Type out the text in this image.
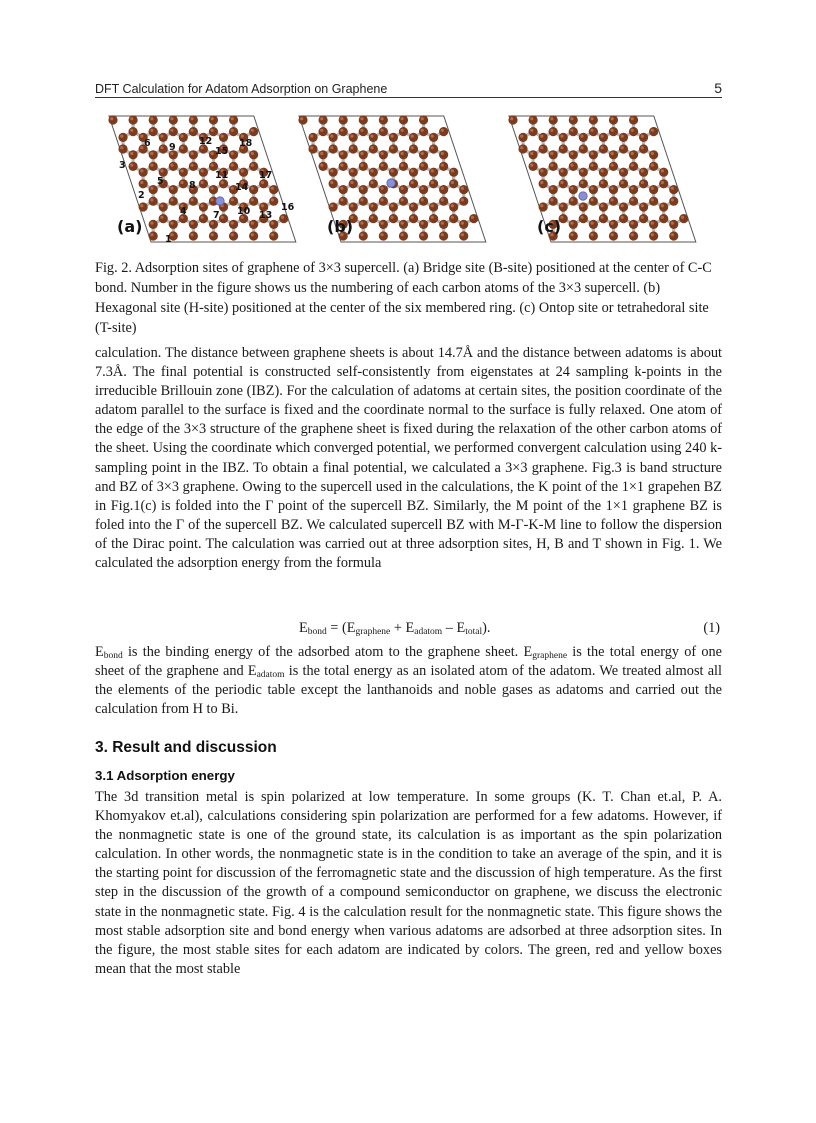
DFT Calculation for Adatom Adsorption on Graphene	5
(a)	(b)	(c)
1
2
3
4
5
6
7
8
9
10
11
12
13
14
15
16
17
18
Fig. 2. Adsorption sites of graphene of 3×3 supercell. (a) Bridge site (B-site) positioned at the center of C-C bond. Number in the figure shows us the numbering of each carbon atoms of the 3×3 supercell. (b) Hexagonal site (H-site) positioned at the center of the six membered ring. (c) Ontop site or tetrahedoral site (T-site)
calculation. The distance between graphene sheets is about 14.7Å and the distance between adatoms is about 7.3Å. The final potential is constructed self-consistently from eigenstates at 24 sampling k-points in the irreducible Brillouin zone (IBZ). For the calculation of adatoms at certain sites, the position coordinate of the adatom parallel to the surface is fixed and the coordinate normal to the surface is fully relaxed. One atom of the edge of the 3×3 structure of the graphene sheet is fixed during the relaxation of the other carbon atoms of the sheet. Using the coordinate which converged potential, we performed convergent calculation using 240 k-sampling point in the IBZ. To obtain a final potential, we calculated a 3×3 graphene. Fig.3 is band structure and BZ of 3×3 graphene. Owing to the supercell used in the calculations, the K point of the 1×1 grapehen BZ in Fig.1(c) is folded into the Γ point of the supercell BZ. Similarly, the M point of the 1×1 graphene BZ is foled into the Γ of the supercell BZ. We calculated supercell BZ with M-Γ-K-M line to follow the dispersion of the Dirac point. The calculation was carried out at three adsorption sites, H, B and T shown in Fig. 1. We calculated the adsorption energy from the formula
$E_{bond} = (E_{graphene} + E_{adatom} - E_{total})$.	(1)
$E_{bond}$ is the binding energy of the adsorbed atom to the graphene sheet. $E_{graphene}$ is the total energy of one sheet of the graphene and $E_{adatom}$ is the total energy as an isolated atom of the adatom. We treated almost all the elements of the periodic table except the lanthanoids and noble gases as adatoms and carried out the calculation from H to Bi.
3. Result and discussion
3.1 Adsorption energy
The 3d transition metal is spin polarized at low temperature. In some groups (K. T. Chan et.al, P. A. Khomyakov et.al), calculations considering spin polarization are performed for a few adatoms. However, if the nonmagnetic state is one of the ground state, its calculation is as important as the spin polarization calculation. In other words, the nonmagnetic state is in the condition to take an average of the spin, and it is the starting point for discussion of the ferromagnetic state and the discussion of high temperature. As the first step in the discussion of the growth of a compound semiconductor on graphene, we discuss the electronic state in the nonmagnetic state. Fig. 4 is the calculation result for the nonmagnetic state. This figure shows the most stable adsorption site and bond energy when various adatoms are adsorbed at three adsorption sites. In the figure, the most stable sites for each adatom are indicated by colors. The green, red and yellow boxes mean that the most stable
